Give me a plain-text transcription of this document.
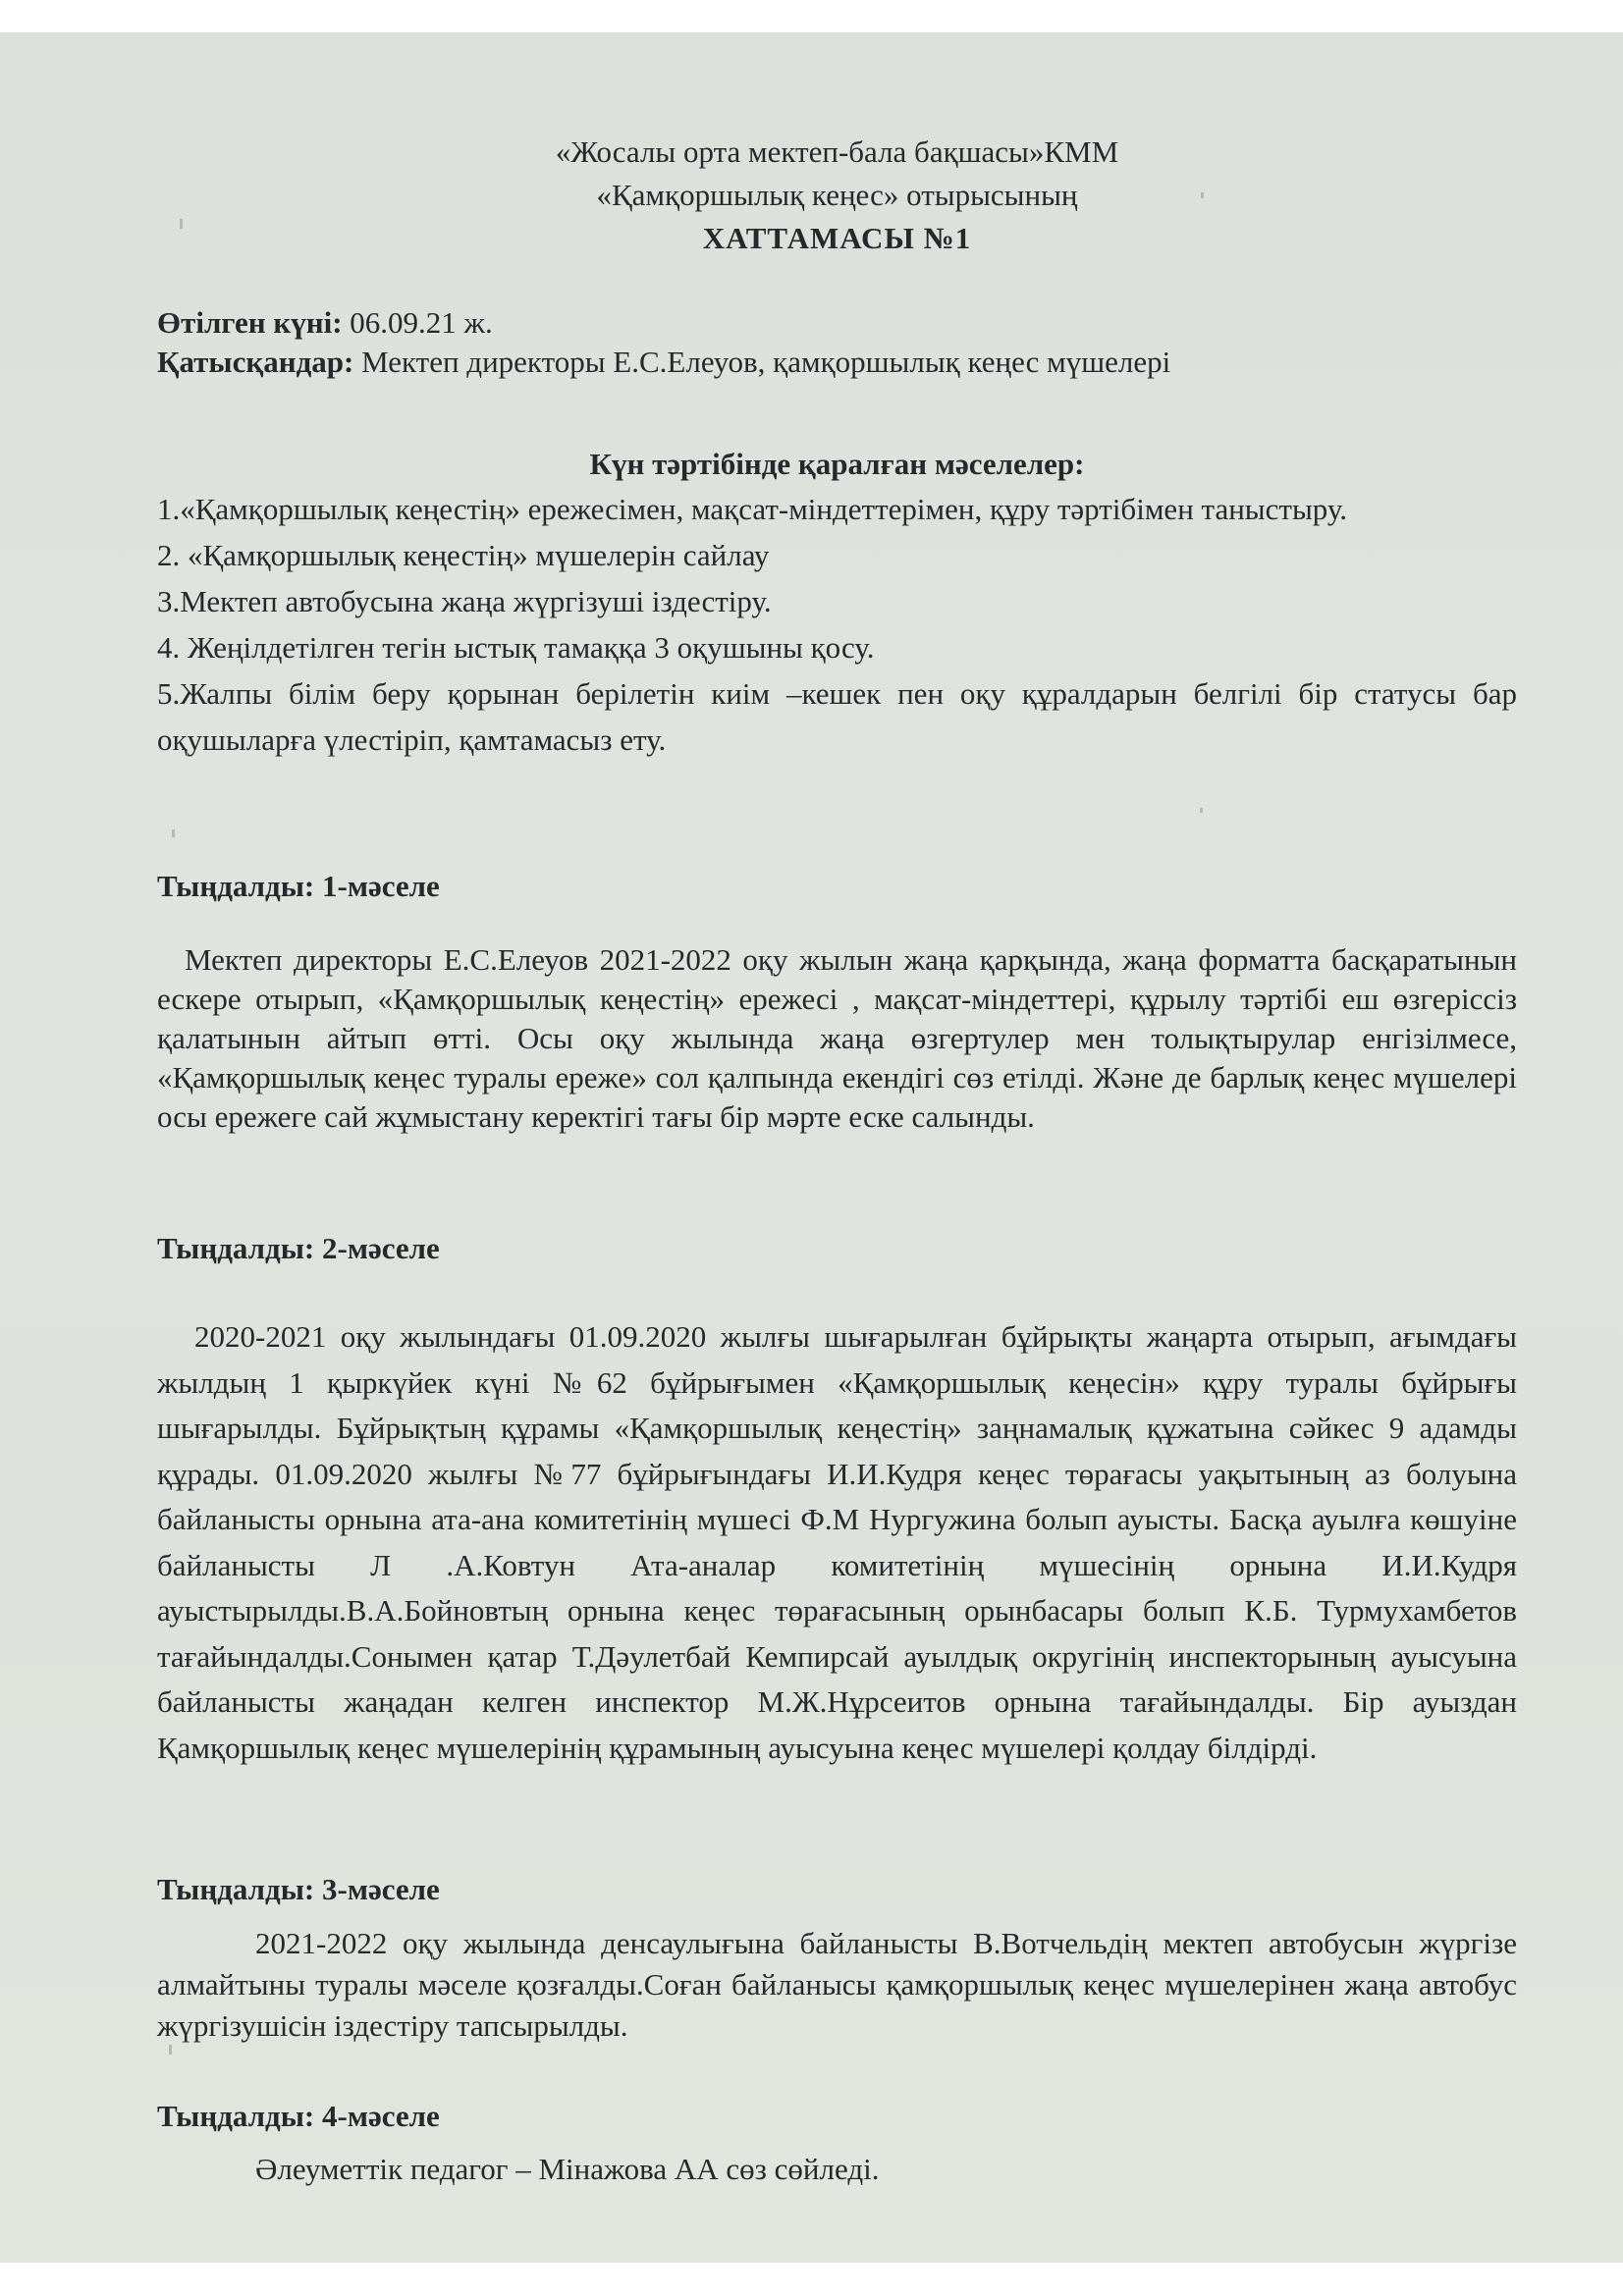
«Жосалы орта мектеп-бала бақшасы»КММ
«Қамқоршылық кеңес» отырысының
ХАТТАМАСЫ №1
Өтілген күні: 06.09.21 ж.
Қатысқандар: Мектеп директоры Е.С.Елеуов, қамқоршылық кеңес мүшелері
Күн тәртібінде қаралған мәселелер:
1.«Қамқоршылық кеңестің» ережесімен, мақсат-міндеттерімен, құру тәртібімен таныстыру.
2. «Қамқоршылық кеңестің» мүшелерін сайлау
3.Мектеп автобусына жаңа жүргізуші іздестіру.
4. Жеңілдетілген тегін ыстық тамаққа 3 оқушыны қосу.
5.Жалпы білім беру қорынан берілетін киім –кешек пен оқу құралдарын белгілі бір статусы бар оқушыларға үлестіріп, қамтамасыз ету.
Тыңдалды: 1-мәселе
Мектеп директоры Е.С.Елеуов 2021-2022 оқу жылын жаңа қарқында, жаңа форматта басқаратынын ескере отырып, «Қамқоршылық кеңестің» ережесі , мақсат-міндеттері, құрылу тәртібі еш өзгеріссіз қалатынын айтып өтті. Осы оқу жылында жаңа өзгертулер мен толықтырулар енгізілмесе, «Қамқоршылық кеңес туралы ереже» сол қалпында екендігі сөз етілді. Және де барлық кеңес мүшелері осы ережеге сай жұмыстану керектігі тағы бір мәрте еске салынды.
Тыңдалды: 2-мәселе
2020-2021 оқу жылындағы 01.09.2020 жылғы шығарылған бұйрықты жаңарта отырып, ағымдағы жылдың 1 қыркүйек күні №62 бұйрығымен «Қамқоршылық кеңесін» құру туралы бұйрығы шығарылды. Бұйрықтың құрамы «Қамқоршылық кеңестің» заңнамалық құжатына сәйкес 9 адамды құрады. 01.09.2020 жылғы №77 бұйрығындағы И.И.Кудря кеңес төрағасы уақытының аз болуына байланысты орнына ата-ана комитетінің мүшесі Ф.М Нургужина болып ауысты. Басқа ауылға көшуіне байланысты Л .А.Ковтун Ата-аналар комитетінің мүшесінің орнына И.И.Кудря ауыстырылды.В.А.Бойновтың орнына кеңес төрағасының орынбасары болып К.Б. Турмухамбетов тағайындалды.Сонымен қатар Т.Дәулетбай Кемпирсай ауылдық округінің инспекторының ауысуына байланысты жаңадан келген инспектор М.Ж.Нұрсеитов орнына тағайындалды. Бір ауыздан Қамқоршылық кеңес мүшелерінің құрамының ауысуына кеңес мүшелері қолдау білдірді.
Тыңдалды: 3-мәселе
2021-2022 оқу жылында денсаулығына байланысты В.Вотчельдің мектеп автобусын жүргізе алмайтыны туралы мәселе қозғалды.Соған байланысы қамқоршылық кеңес мүшелерінен жаңа автобус жүргізушісін іздестіру тапсырылды.
Тыңдалды: 4-мәселе
Әлеуметтік педагог – Мінажова АА сөз сөйледі.
